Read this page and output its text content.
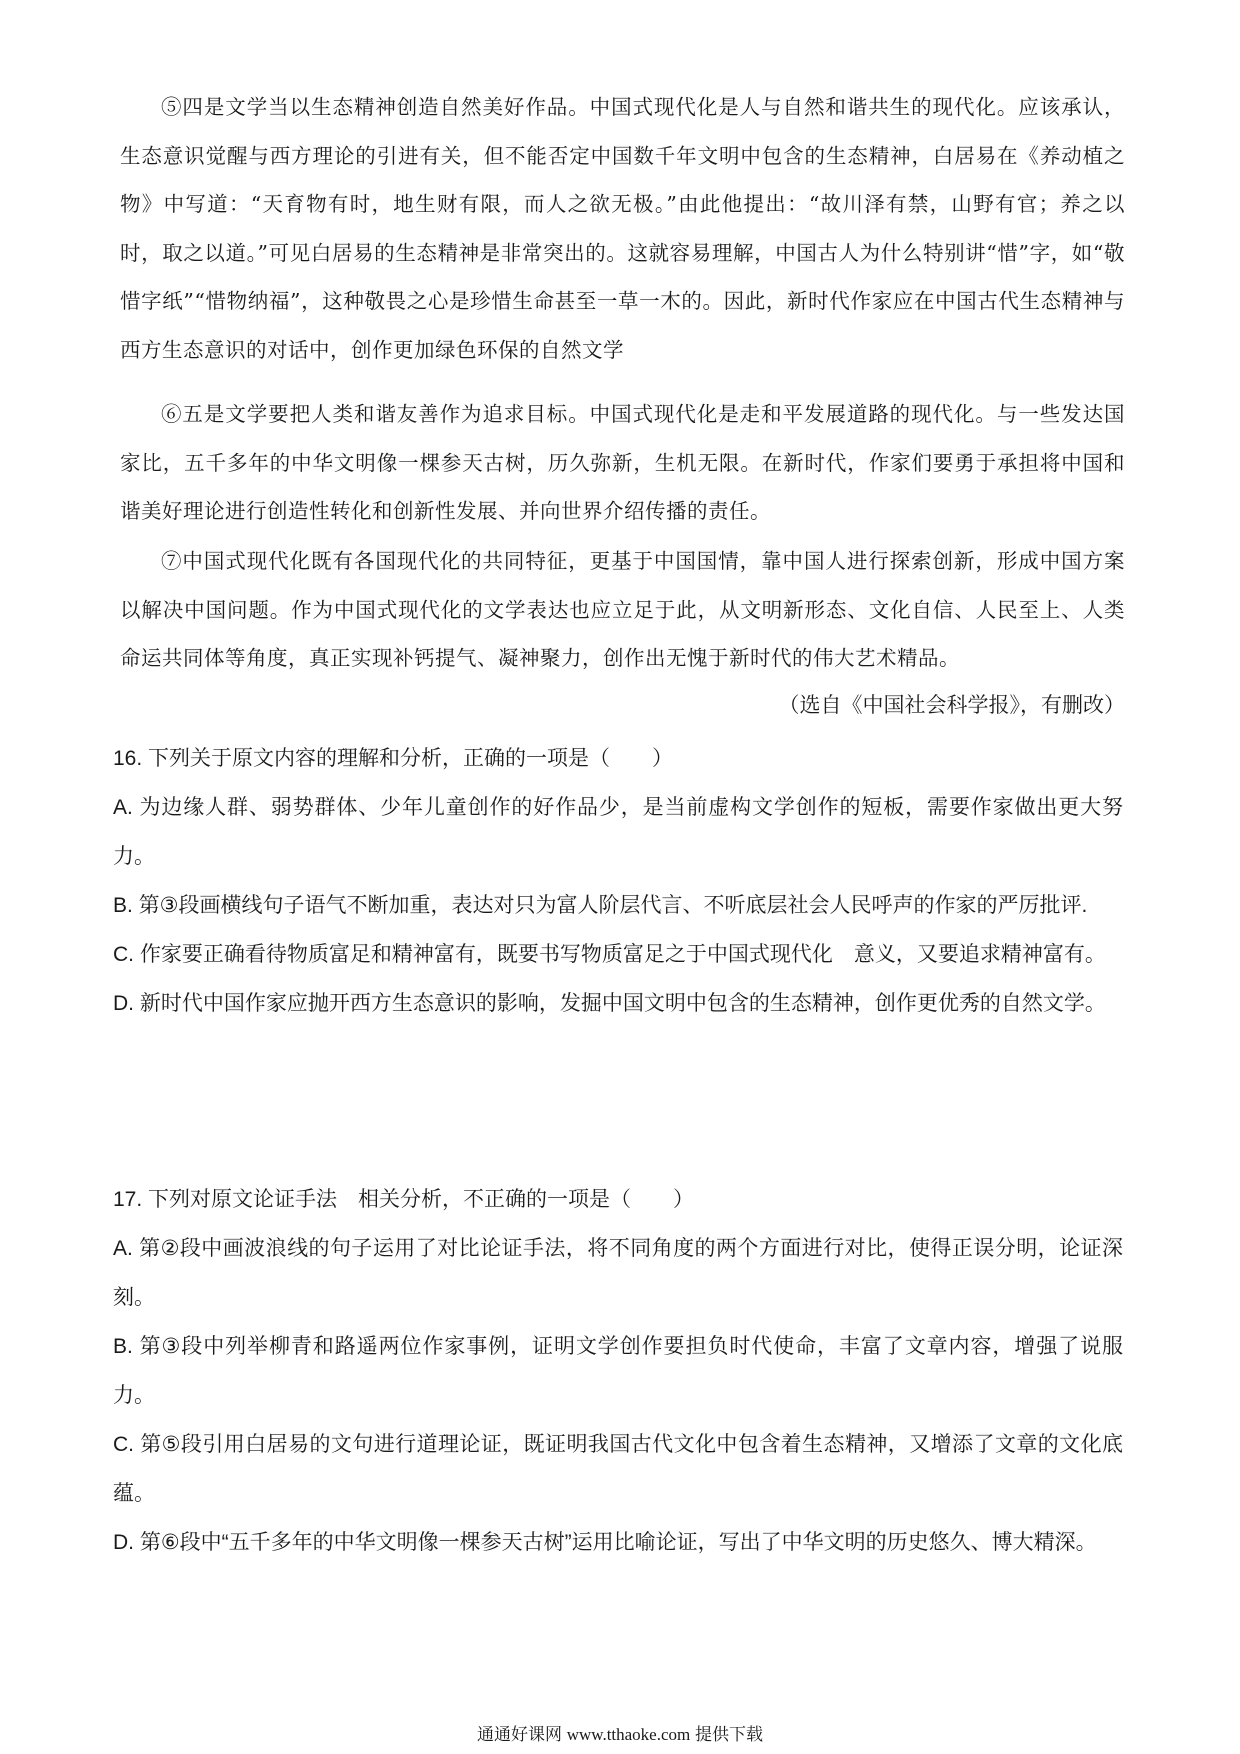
⑤四是文学当以生态精神创造自然美好作品。中国式现代化是人与自然和谐共生的现代化。应该承认，生态意识觉醒与西方理论的引进有关，但不能否定中国数千年文明中包含的生态精神，白居易在《养动植之物》中写道：“天育物有时，地生财有限，而人之欲无极。”由此他提出：“故川泽有禁，山野有官；养之以时，取之以道。”可见白居易的生态精神是非常突出的。这就容易理解，中国古人为什么特别讲“惜”字，如“敬惜字纸”“惜物纳福”，这种敬畏之心是珍惜生命甚至一草一木的。因此，新时代作家应在中国古代生态精神与西方生态意识的对话中，创作更加绿色环保的自然文学

⑥五是文学要把人类和谐友善作为追求目标。中国式现代化是走和平发展道路的现代化。与一些发达国家比，五千多年的中华文明像一棵参天古树，历久弥新，生机无限。在新时代，作家们要勇于承担将中国和谐美好理论进行创造性转化和创新性发展、并向世界介绍传播的责任。

⑦中国式现代化既有各国现代化的共同特征，更基于中国国情，靠中国人进行探索创新，形成中国方案以解决中国问题。作为中国式现代化的文学表达也应立足于此，从文明新形态、文化自信、人民至上、人类命运共同体等角度，真正实现补钙提气、凝神聚力，创作出无愧于新时代的伟大艺术精品。

（选自《中国社会科学报》，有删改）

16. 下列关于原文内容的理解和分析，正确的一项是（　　）

A. 为边缘人群、弱势群体、少年儿童创作的好作品少，是当前虚构文学创作的短板，需要作家做出更大努力。

B. 第③段画横线句子语气不断加重，表达对只为富人阶层代言、不听底层社会人民呼声的作家的严厉批评.

C. 作家要正确看待物质富足和精神富有，既要书写物质富足之于中国式现代化　意义，又要追求精神富有。

D. 新时代中国作家应抛开西方生态意识的影响，发掘中国文明中包含的生态精神，创作更优秀的自然文学。

17. 下列对原文论证手法　相关分析，不正确的一项是（　　）

A. 第②段中画波浪线的句子运用了对比论证手法，将不同角度的两个方面进行对比，使得正误分明，论证深刻。

B. 第③段中列举柳青和路遥两位作家事例，证明文学创作要担负时代使命，丰富了文章内容，增强了说服力。

C. 第⑤段引用白居易的文句进行道理论证，既证明我国古代文化中包含着生态精神，又增添了文章的文化底蕴。

D. 第⑥段中“五千多年的中华文明像一棵参天古树”运用比喻论证，写出了中华文明的历史悠久、博大精深。

通通好课网 www.tthaoke.com 提供下载
